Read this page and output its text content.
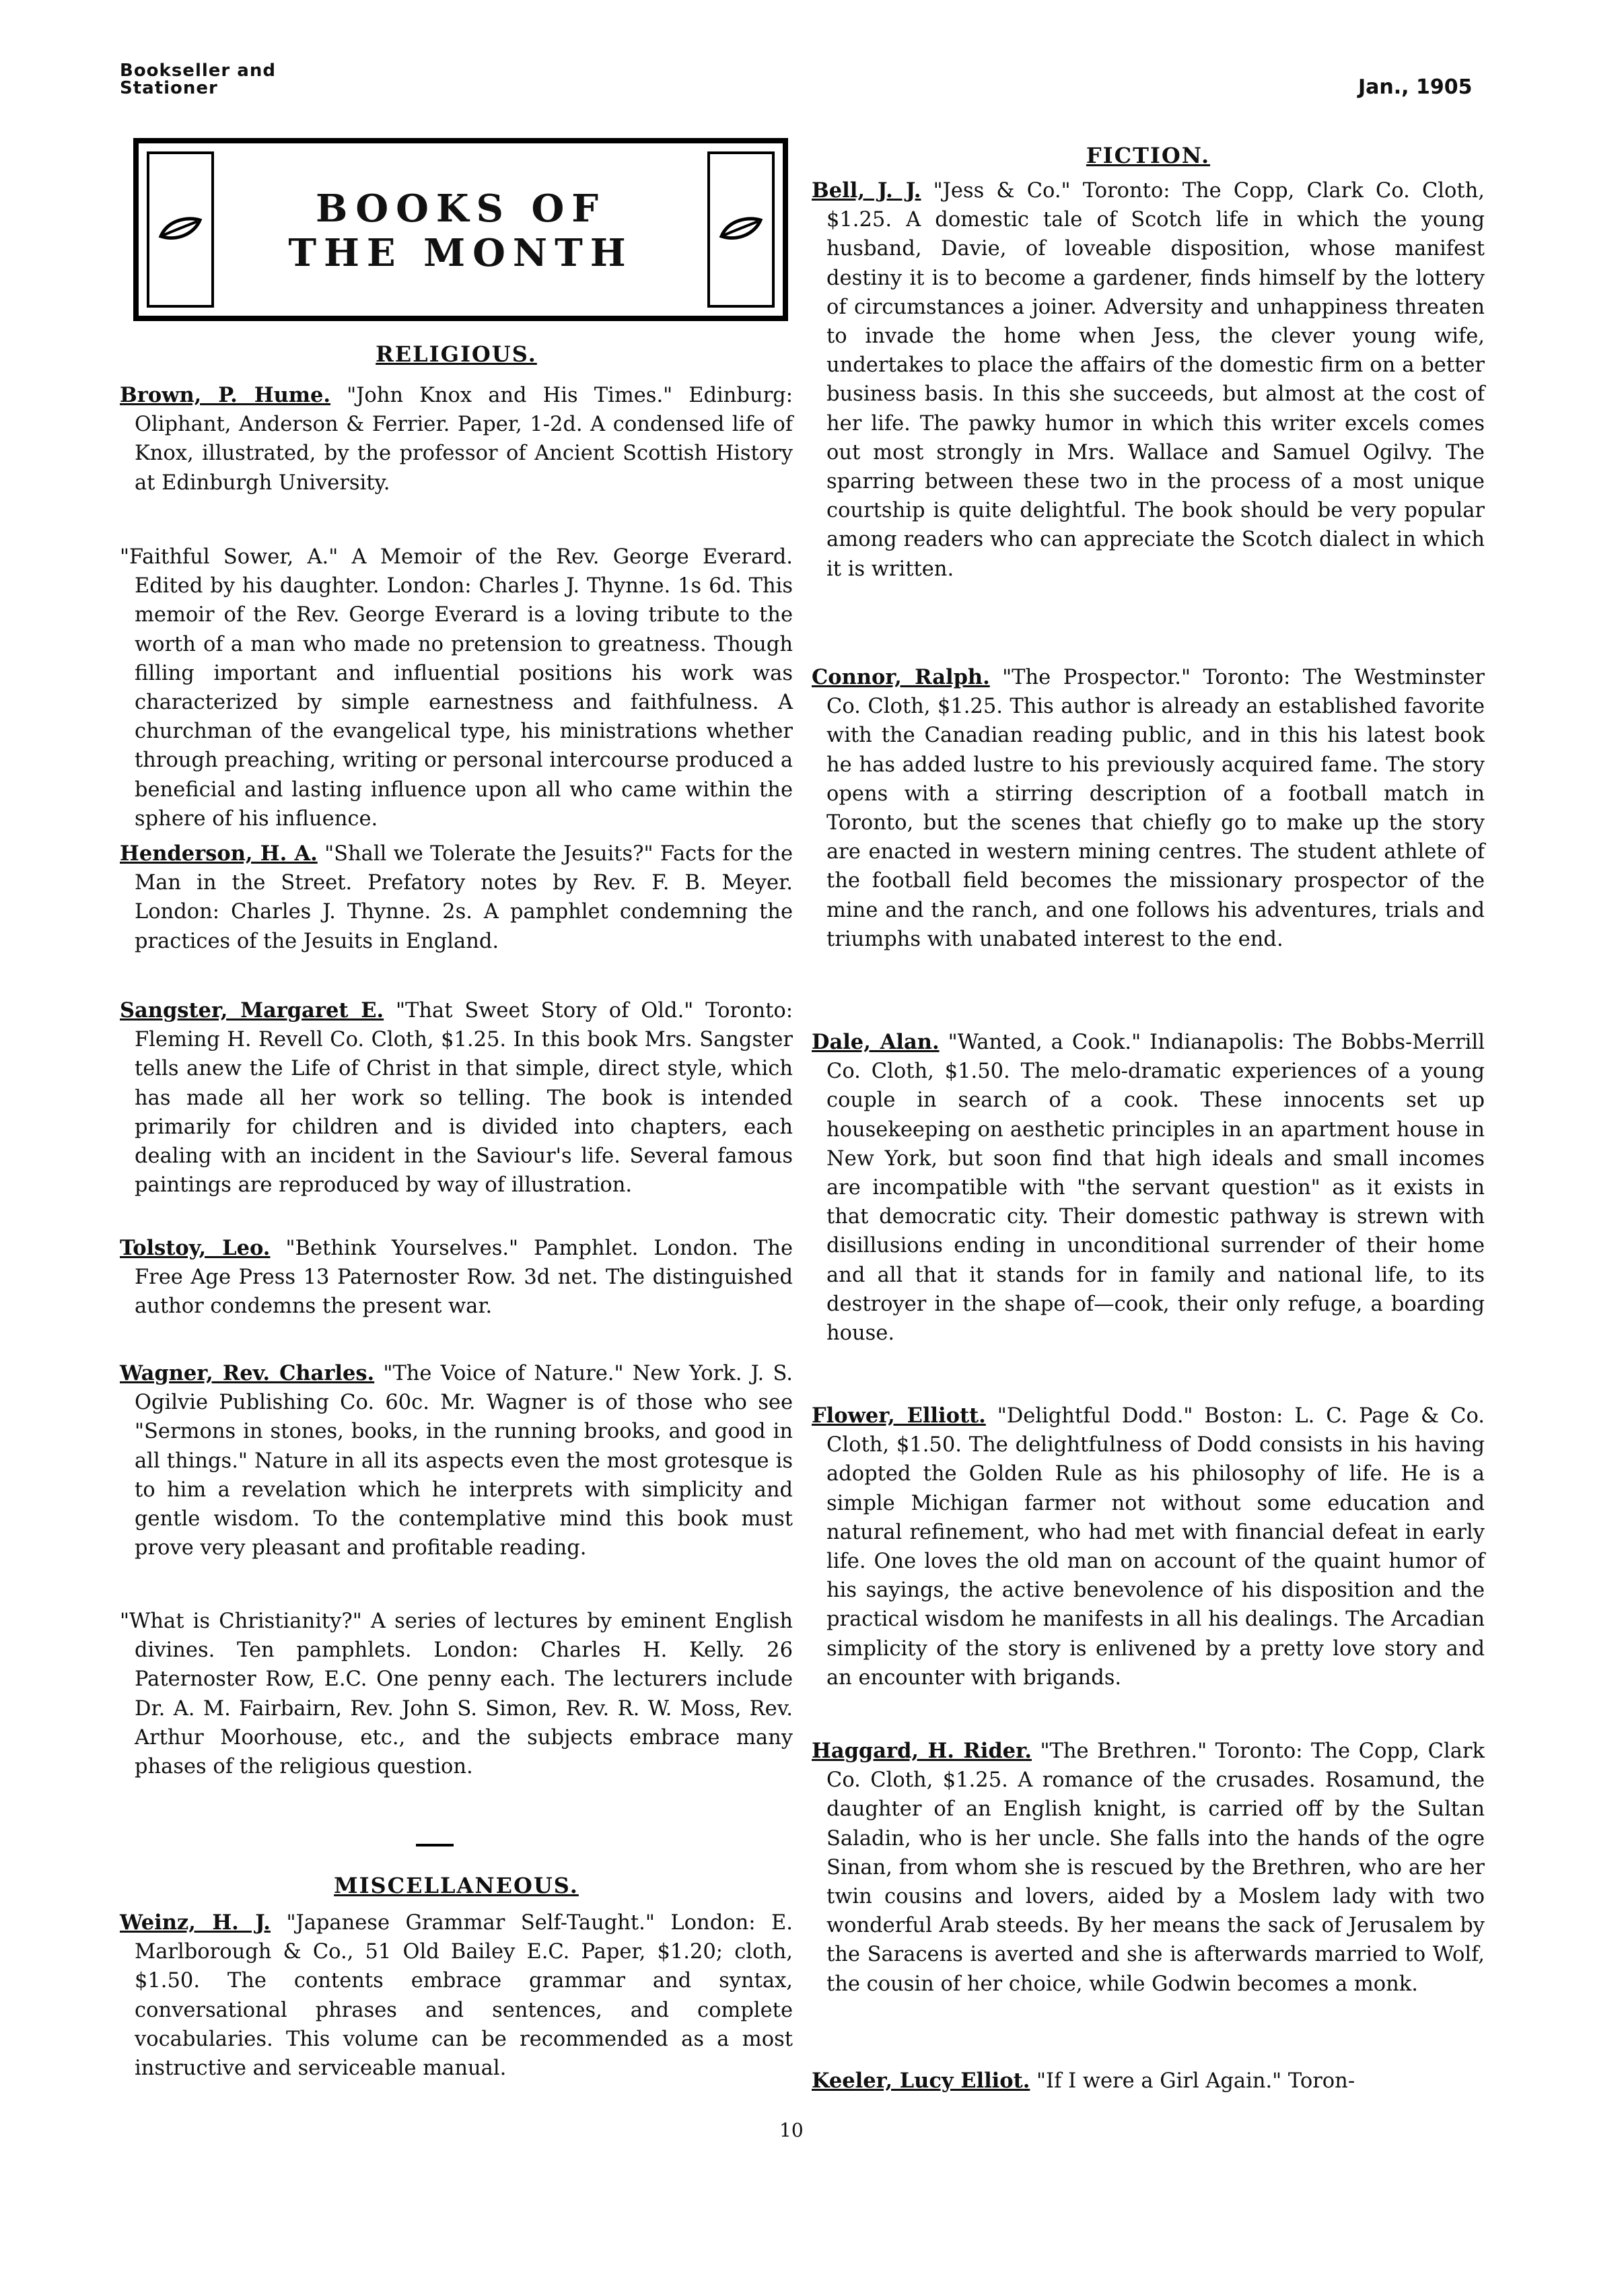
Bookseller and
Stationer	Jan., 1905
BOOKS OF
THE MONTH
RELIGIOUS.

Brown, P. Hume. "John Knox and His Times." Edinburg: Oliphant, Anderson & Ferrier. Paper, 1-2d. A condensed life of Knox, illustrated, by the professor of Ancient Scottish History at Edinburgh University.

"Faithful Sower, A." A Memoir of the Rev. George Everard. Edited by his daughter. London: Charles J. Thynne. 1s 6d. This memoir of the Rev. George Everard is a loving tribute to the worth of a man who made no pretension to greatness. Though filling important and influential positions his work was characterized by simple earnestness and faithfulness. A churchman of the evangelical type, his ministrations whether through preaching, writing or personal intercourse produced a beneficial and lasting influence upon all who came within the sphere of his influence.

Henderson, H. A. "Shall we Tolerate the Jesuits?" Facts for the Man in the Street. Prefatory notes by Rev. F. B. Meyer. London: Charles J. Thynne. 2s. A pamphlet condemning the practices of the Jesuits in England.

Sangster, Margaret E. "That Sweet Story of Old." Toronto: Fleming H. Revell Co. Cloth, $1.25. In this book Mrs. Sangster tells anew the Life of Christ in that simple, direct style, which has made all her work so telling. The book is intended primarily for children and is divided into chapters, each dealing with an incident in the Saviour's life. Several famous paintings are reproduced by way of illustration.

Tolstoy, Leo. "Bethink Yourselves." Pamphlet. London. The Free Age Press 13 Paternoster Row. 3d net. The distinguished author condemns the present war.

Wagner, Rev. Charles. "The Voice of Nature." New York. J. S. Ogilvie Publishing Co. 60c. Mr. Wagner is of those who see "Sermons in stones, books, in the running brooks, and good in all things." Nature in all its aspects even the most grotesque is to him a revelation which he interprets with simplicity and gentle wisdom. To the contemplative mind this book must prove very pleasant and profitable reading.

"What is Christianity?" A series of lectures by eminent English divines. Ten pamphlets. London: Charles H. Kelly. 26 Paternoster Row, E.C. One penny each. The lecturers include Dr. A. M. Fairbairn, Rev. John S. Simon, Rev. R. W. Moss, Rev. Arthur Moorhouse, etc., and the subjects embrace many phases of the religious question.

MISCELLANEOUS.

Weinz, H. J. "Japanese Grammar Self-Taught." London: E. Marlborough & Co., 51 Old Bailey E.C. Paper, $1.20; cloth, $1.50. The contents embrace grammar and syntax, conversational phrases and sentences, and complete vocabularies. This volume can be recommended as a most instructive and serviceable manual.

FICTION.

Bell, J. J. "Jess & Co." Toronto: The Copp, Clark Co. Cloth, $1.25. A domestic tale of Scotch life in which the young husband, Davie, of loveable disposition, whose manifest destiny it is to become a gardener, finds himself by the lottery of circumstances a joiner. Adversity and unhappiness threaten to invade the home when Jess, the clever young wife, undertakes to place the affairs of the domestic firm on a better business basis. In this she succeeds, but almost at the cost of her life. The pawky humor in which this writer excels comes out most strongly in Mrs. Wallace and Samuel Ogilvy. The sparring between these two in the process of a most unique courtship is quite delightful. The book should be very popular among readers who can appreciate the Scotch dialect in which it is written.

Connor, Ralph. "The Prospector." Toronto: The Westminster Co. Cloth, $1.25. This author is already an established favorite with the Canadian reading public, and in this his latest book he has added lustre to his previously acquired fame. The story opens with a stirring description of a football match in Toronto, but the scenes that chiefly go to make up the story are enacted in western mining centres. The student athlete of the football field becomes the missionary prospector of the mine and the ranch, and one follows his adventures, trials and triumphs with unabated interest to the end.

Dale, Alan. "Wanted, a Cook." Indianapolis: The Bobbs-Merrill Co. Cloth, $1.50. The melo-dramatic experiences of a young couple in search of a cook. These innocents set up housekeeping on aesthetic principles in an apartment house in New York, but soon find that high ideals and small incomes are incompatible with "the servant question" as it exists in that democratic city. Their domestic pathway is strewn with disillusions ending in unconditional surrender of their home and all that it stands for in family and national life, to its destroyer in the shape of—cook, their only refuge, a boarding house.

Flower, Elliott. "Delightful Dodd." Boston: L. C. Page & Co. Cloth, $1.50. The delightfulness of Dodd consists in his having adopted the Golden Rule as his philosophy of life. He is a simple Michigan farmer not without some education and natural refinement, who had met with financial defeat in early life. One loves the old man on account of the quaint humor of his sayings, the active benevolence of his disposition and the practical wisdom he manifests in all his dealings. The Arcadian simplicity of the story is enlivened by a pretty love story and an encounter with brigands.

Haggard, H. Rider. "The Brethren." Toronto: The Copp, Clark Co. Cloth, $1.25. A romance of the crusades. Rosamund, the daughter of an English knight, is carried off by the Sultan Saladin, who is her uncle. She falls into the hands of the ogre Sinan, from whom she is rescued by the Brethren, who are her twin cousins and lovers, aided by a Moslem lady with two wonderful Arab steeds. By her means the sack of Jerusalem by the Saracens is averted and she is afterwards married to Wolf, the cousin of her choice, while Godwin becomes a monk.

Keeler, Lucy Elliot. "If I were a Girl Again." Toron-

10
